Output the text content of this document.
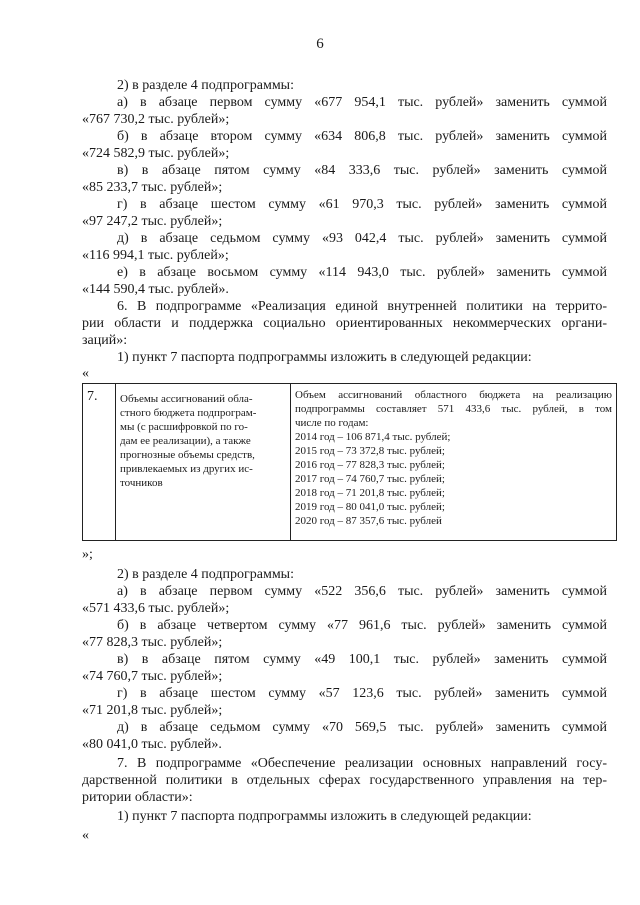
6
2) в разделе 4 подпрограммы:
а) в абзаце первом сумму «677 954,1 тыс. рублей» заменить суммой
«767 730,2 тыс. рублей»;
б) в абзаце втором сумму «634 806,8 тыс. рублей» заменить суммой
«724 582,9 тыс. рублей»;
в) в абзаце пятом сумму «84 333,6 тыс. рублей» заменить суммой
«85 233,7 тыс. рублей»;
г) в абзаце шестом сумму «61 970,3 тыс. рублей» заменить суммой
«97 247,2 тыс. рублей»;
д) в абзаце седьмом сумму «93 042,4 тыс. рублей» заменить суммой
«116 994,1 тыс. рублей»;
е) в абзаце восьмом сумму «114 943,0 тыс. рублей» заменить суммой
«144 590,4 тыс. рублей».
6. В подпрограмме «Реализация единой внутренней политики на террито-
рии области и поддержка социально ориентированных некоммерческих органи-
заций»:
1) пункт 7 паспорта подпрограммы изложить в следующей редакции:
«
7.	Объемы ассигнований обла-
стного бюджета подпрограм-
мы (с расшифровкой по го-
дам ее реализации), а также
прогнозные объемы средств,
привлекаемых из других ис-
точников

Объем ассигнований областного бюджета на реализацию
подпрограммы составляет 571 433,6 тыс. рублей, в том
числе по годам:
2014 год – 106 871,4 тыс. рублей;
2015 год – 73 372,8 тыс. рублей;
2016 год – 77 828,3 тыс. рублей;
2017 год – 74 760,7 тыс. рублей;
2018 год – 71 201,8 тыс. рублей;
2019 год – 80 041,0 тыс. рублей;
2020 год – 87 357,6 тыс. рублей
»;
2) в разделе 4 подпрограммы:
а) в абзаце первом сумму «522 356,6 тыс. рублей» заменить суммой
«571 433,6 тыс. рублей»;
б) в абзаце четвертом сумму «77 961,6 тыс. рублей» заменить суммой
«77 828,3 тыс. рублей»;
в) в абзаце пятом сумму «49 100,1 тыс. рублей» заменить суммой
«74 760,7 тыс. рублей»;
г) в абзаце шестом сумму «57 123,6 тыс. рублей» заменить суммой
«71 201,8 тыс. рублей»;
д) в абзаце седьмом сумму «70 569,5 тыс. рублей» заменить суммой
«80 041,0 тыс. рублей».
7. В подпрограмме «Обеспечение реализации основных направлений госу-
дарственной политики в отдельных сферах государственного управления на тер-
ритории области»:
1) пункт 7 паспорта подпрограммы изложить в следующей редакции:
«
